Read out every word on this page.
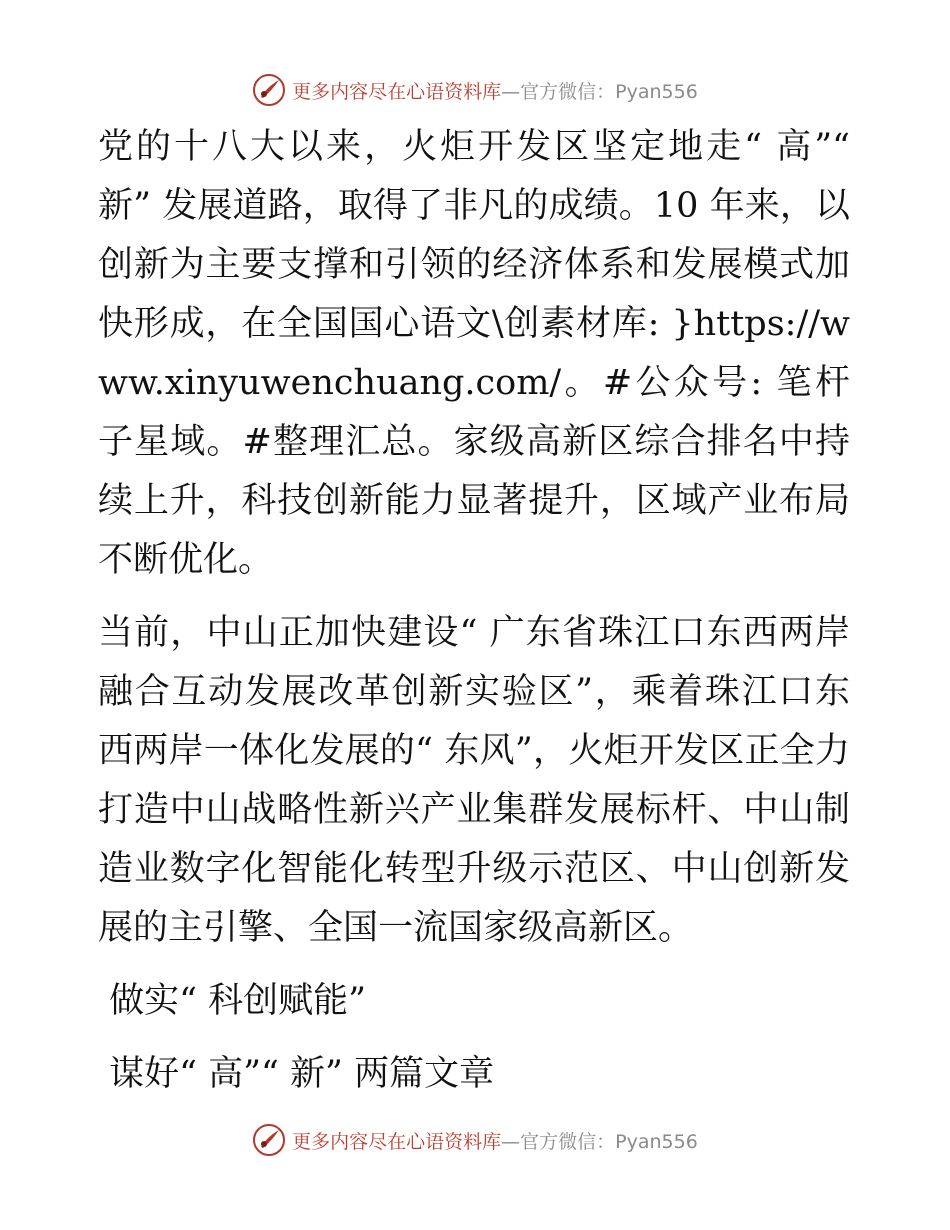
更多内容尽在心语资料库—官方微信：Pyan556

党的十八大以来，火炬开发区坚定地走“ 高”“ 新” 发展道路，取得了非凡的成绩。10 年来，以创新为主要支撑和引领的经济体系和发展模式加快形成，在全国国心语文\创素材库: }https://www.xinyuwenchuang.com/。#公众号: 笔杆子星域。#整理汇总。家级高新区综合排名中持续上升，科技创新能力显著提升，区域产业布局不断优化。

当前，中山正加快建设“ 广东省珠江口东西两岸融合互动发展改革创新实验区”，乘着珠江口东西两岸一体化发展的“ 东风”，火炬开发区正全力打造中山战略性新兴产业集群发展标杆、中山制造业数字化智能化转型升级示范区、中山创新发展的主引擎、全国一流国家级高新区。

做实“ 科创赋能”

谋好“ 高”“ 新” 两篇文章

更多内容尽在心语资料库—官方微信：Pyan556
